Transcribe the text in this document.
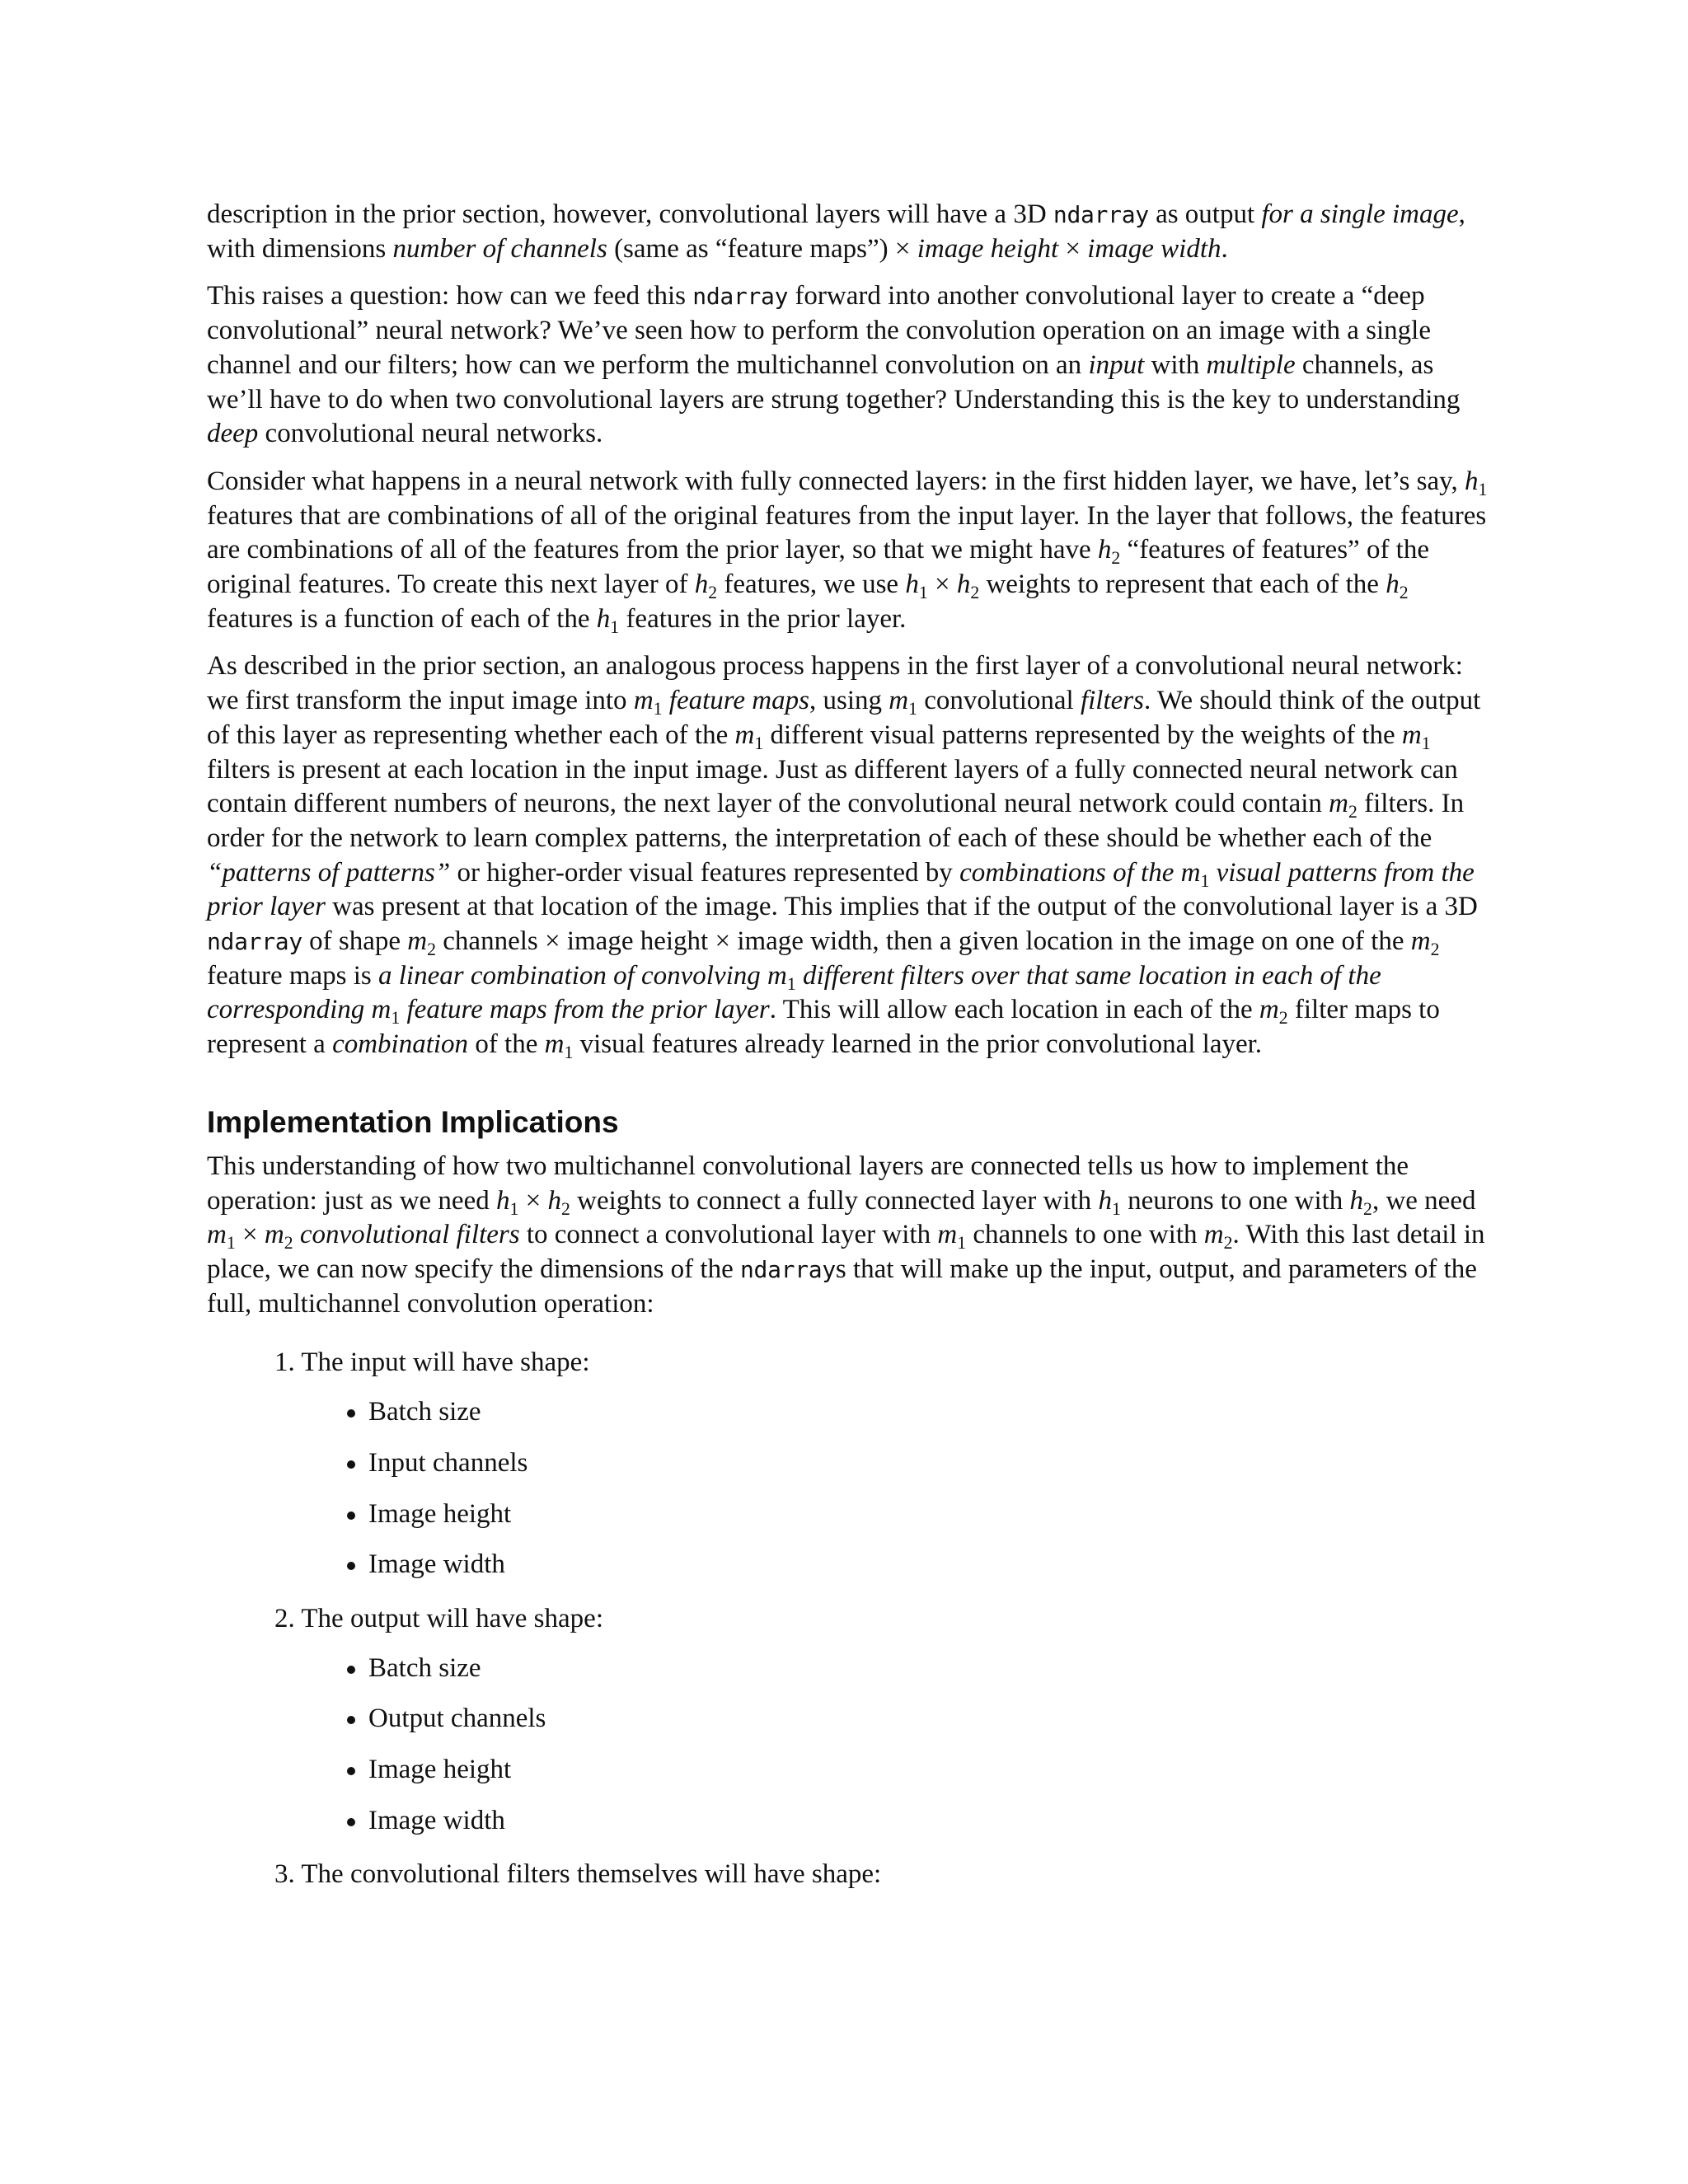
description in the prior section, however, convolutional layers will have a 3D ndarray as output for a single image, with dimensions number of channels (same as “feature maps”) × image height × image width.

This raises a question: how can we feed this ndarray forward into another convolutional layer to create a “deep convolutional” neural network? We’ve seen how to perform the convolution operation on an image with a single channel and our filters; how can we perform the multichannel convolution on an input with multiple channels, as we’ll have to do when two convolutional layers are strung together? Understanding this is the key to understanding deep convolutional neural networks.

Consider what happens in a neural network with fully connected layers: in the first hidden layer, we have, let’s say, $h_1$ features that are combinations of all of the original features from the input layer. In the layer that follows, the features are combinations of all of the features from the prior layer, so that we might have $h_2$ “features of features” of the original features. To create this next layer of $h_2$ features, we use $h_1 \times h_2$ weights to represent that each of the $h_2$ features is a function of each of the $h_1$ features in the prior layer.

As described in the prior section, an analogous process happens in the first layer of a convolutional neural network: we first transform the input image into $m_1$ feature maps, using $m_1$ convolutional filters. We should think of the output of this layer as representing whether each of the $m_1$ different visual patterns represented by the weights of the $m_1$ filters is present at each location in the input image. Just as different layers of a fully connected neural network can contain different numbers of neurons, the next layer of the convolutional neural network could contain $m_2$ filters. In order for the network to learn complex patterns, the interpretation of each of these should be whether each of the “patterns of patterns” or higher-order visual features represented by combinations of the $m_1$ visual patterns from the prior layer was present at that location of the image. This implies that if the output of the convolutional layer is a 3D ndarray of shape $m_2$ channels × image height × image width, then a given location in the image on one of the $m_2$ feature maps is a linear combination of convolving $m_1$ different filters over that same location in each of the corresponding $m_1$ feature maps from the prior layer. This will allow each location in each of the $m_2$ filter maps to represent a combination of the $m_1$ visual features already learned in the prior convolutional layer.

Implementation Implications

This understanding of how two multichannel convolutional layers are connected tells us how to implement the operation: just as we need $h_1 \times h_2$ weights to connect a fully connected layer with $h_1$ neurons to one with $h_2$, we need $m_1 \times m_2$ convolutional filters to connect a convolutional layer with $m_1$ channels to one with $m_2$. With this last detail in place, we can now specify the dimensions of the ndarrays that will make up the input, output, and parameters of the full, multichannel convolution operation:

1. The input will have shape:
Batch size
Input channels
Image height
Image width
2. The output will have shape:
Batch size
Output channels
Image height
Image width
3. The convolutional filters themselves will have shape:
